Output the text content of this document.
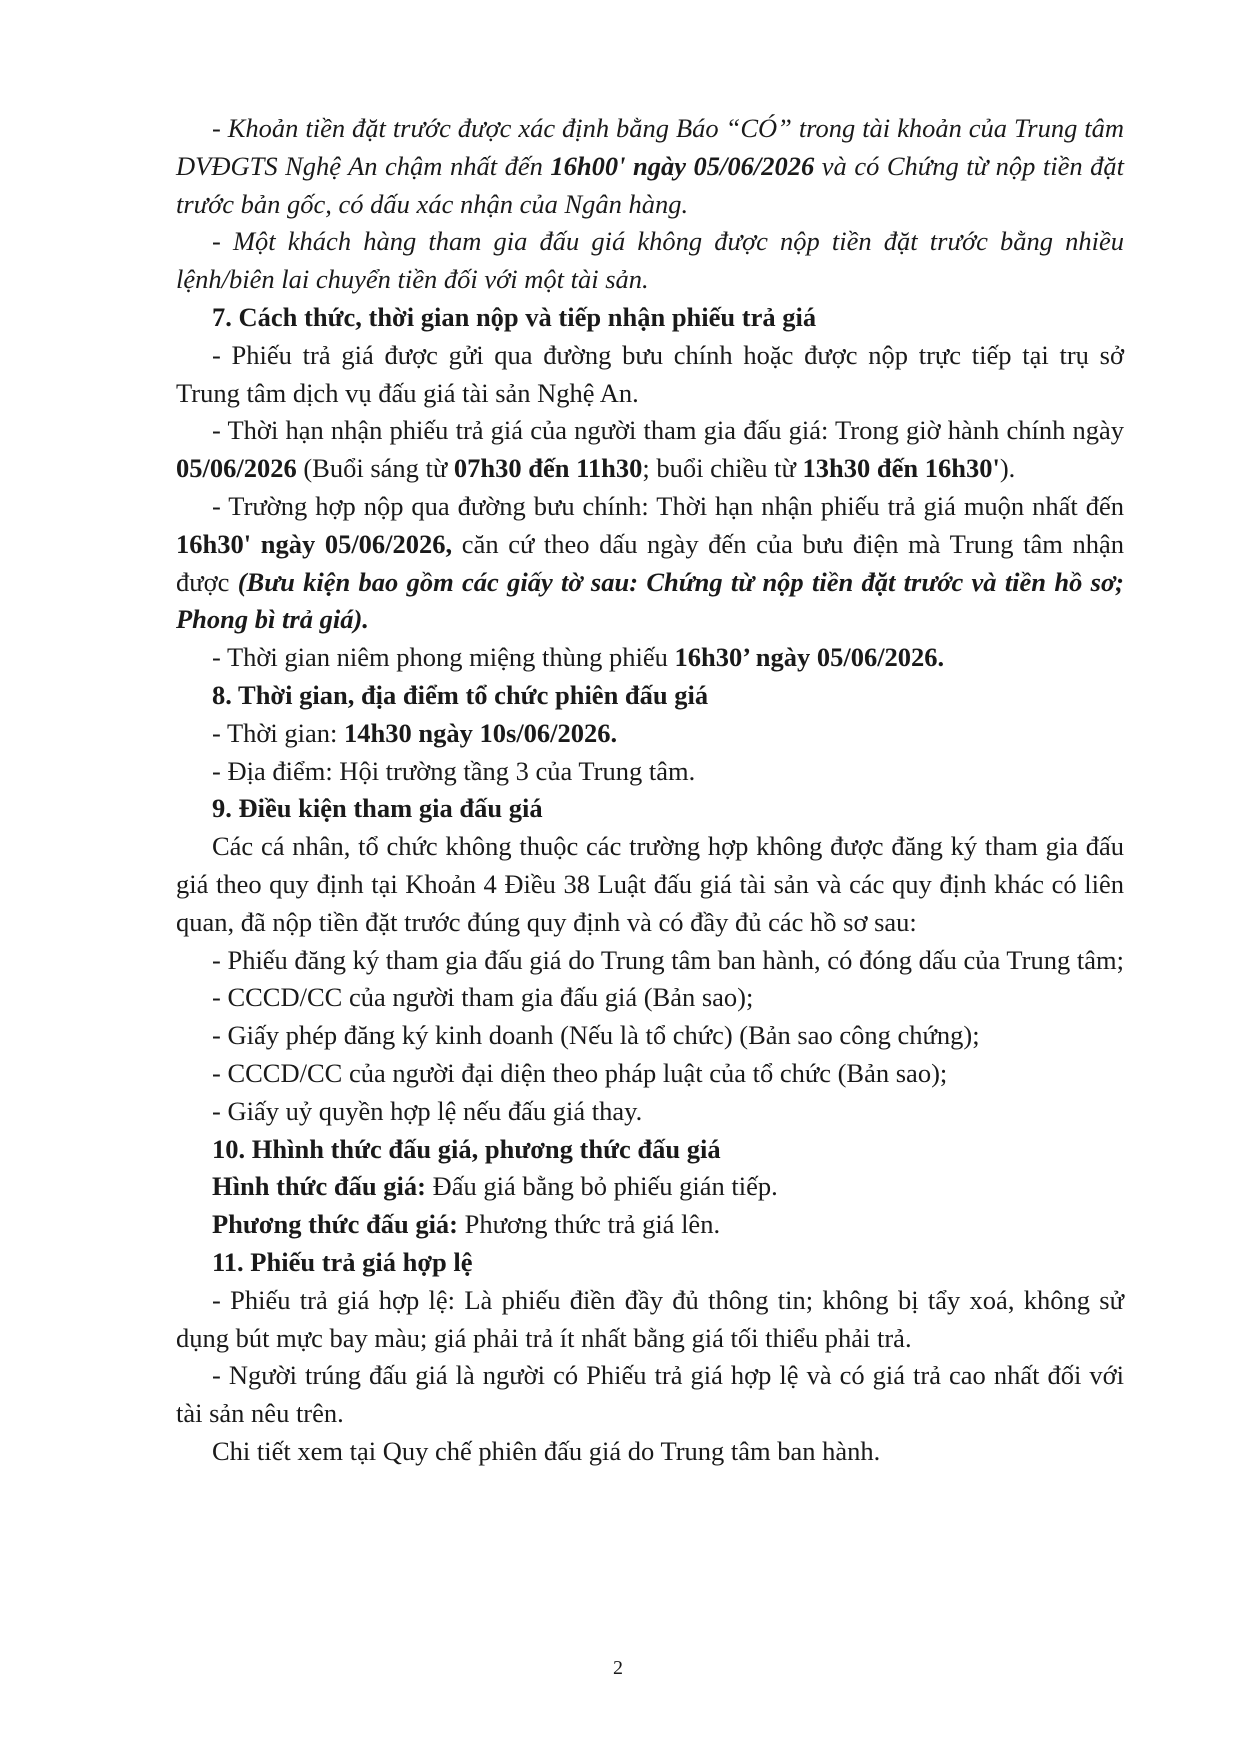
- Khoản tiền đặt trước được xác định bằng Báo “CÓ” trong tài khoản của Trung tâm DVĐGTS Nghệ An chậm nhất đến 16h00' ngày 05/06/2026 và có Chứng từ nộp tiền đặt trước bản gốc, có dấu xác nhận của Ngân hàng.

- Một khách hàng tham gia đấu giá không được nộp tiền đặt trước bằng nhiều lệnh/biên lai chuyển tiền đối với một tài sản.

7. Cách thức, thời gian nộp và tiếp nhận phiếu trả giá

- Phiếu trả giá được gửi qua đường bưu chính hoặc được nộp trực tiếp tại trụ sở Trung tâm dịch vụ đấu giá tài sản Nghệ An.

- Thời hạn nhận phiếu trả giá của người tham gia đấu giá: Trong giờ hành chính ngày 05/06/2026 (Buổi sáng từ 07h30 đến 11h30; buổi chiều từ 13h30 đến 16h30').

- Trường hợp nộp qua đường bưu chính: Thời hạn nhận phiếu trả giá muộn nhất đến 16h30' ngày 05/06/2026, căn cứ theo dấu ngày đến của bưu điện mà Trung tâm nhận được (Bưu kiện bao gồm các giấy tờ sau: Chứng từ nộp tiền đặt trước và tiền hồ sơ; Phong bì trả giá).

- Thời gian niêm phong miệng thùng phiếu 16h30’ ngày 05/06/2026.

8. Thời gian, địa điểm tổ chức phiên đấu giá

- Thời gian: 14h30 ngày 10s/06/2026.

- Địa điểm: Hội trường tầng 3 của Trung tâm.

9. Điều kiện tham gia đấu giá

Các cá nhân, tổ chức không thuộc các trường hợp không được đăng ký tham gia đấu giá theo quy định tại Khoản 4 Điều 38 Luật đấu giá tài sản và các quy định khác có liên quan, đã nộp tiền đặt trước đúng quy định và có đầy đủ các hồ sơ sau:

- Phiếu đăng ký tham gia đấu giá do Trung tâm ban hành, có đóng dấu của Trung tâm;

- CCCD/CC của người tham gia đấu giá (Bản sao);

- Giấy phép đăng ký kinh doanh (Nếu là tổ chức) (Bản sao công chứng);

- CCCD/CC của người đại diện theo pháp luật của tổ chức (Bản sao);

- Giấy uỷ quyền hợp lệ nếu đấu giá thay.

10. Hhình thức đấu giá, phương thức đấu giá

Hình thức đấu giá: Đấu giá bằng bỏ phiếu gián tiếp.

Phương thức đấu giá: Phương thức trả giá lên.

11. Phiếu trả giá hợp lệ

- Phiếu trả giá hợp lệ: Là phiếu điền đầy đủ thông tin; không bị tẩy xoá, không sử dụng bút mực bay màu; giá phải trả ít nhất bằng giá tối thiểu phải trả.

- Người trúng đấu giá là người có Phiếu trả giá hợp lệ và có giá trả cao nhất đối với tài sản nêu trên.

Chi tiết xem tại Quy chế phiên đấu giá do Trung tâm ban hành.

2
